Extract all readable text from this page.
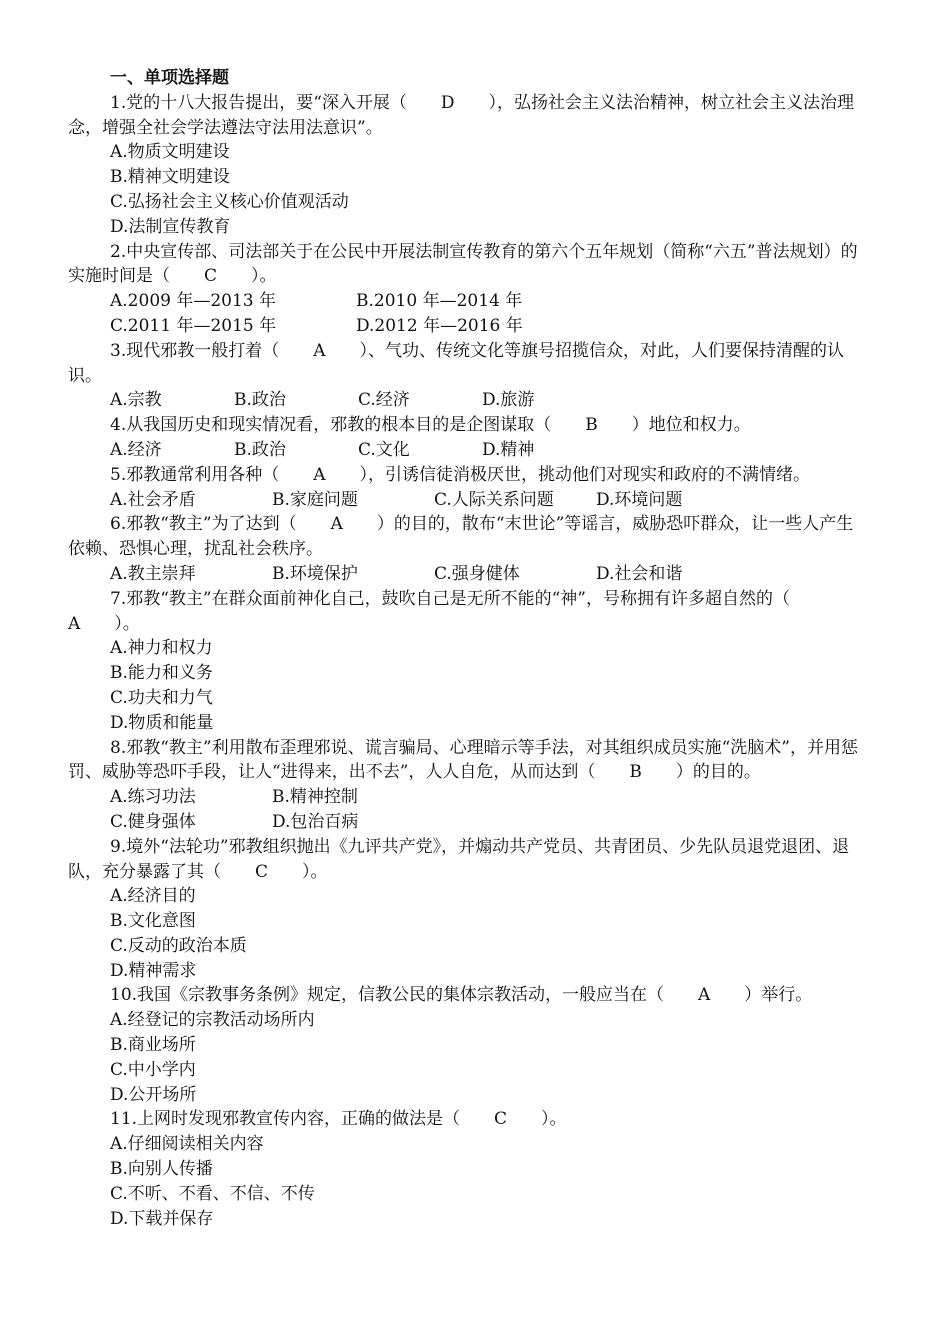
一、单项选择题

1.党的十八大报告提出，要“深入开展（　　D　　），弘扬社会主义法治精神，树立社会主义法治理念，增强全社会学法遵法守法用法意识”。

A.物质文明建设

B.精神文明建设

C.弘扬社会主义核心价值观活动

D.法制宣传教育

2.中央宣传部、司法部关于在公民中开展法制宣传教育的第六个五年规划（简称“六五”普法规划）的实施时间是（　　C　　）。

A.2009 年—2013 年	B.2010 年—2014 年

C.2011 年—2015 年	D.2012 年—2016 年

3.现代邪教一般打着（　　A　　）、气功、传统文化等旗号招揽信众，对此，人们要保持清醒的认识。

A.宗教	B.政治	C.经济	D.旅游

4.从我国历史和现实情况看，邪教的根本目的是企图谋取（　　B　　）地位和权力。

A.经济	B.政治	C.文化	D.精神

5.邪教通常利用各种（　　A　　），引诱信徒消极厌世，挑动他们对现实和政府的不满情绪。

A.社会矛盾	B.家庭问题	C.人际关系问题 D.环境问题

6.邪教“教主”为了达到（　　A　　）的目的，散布“末世论”等谣言，威胁恐吓群众，让一些人产生依赖、恐惧心理，扰乱社会秩序。

A.教主崇拜	B.环境保护	C.强身健体	D.社会和谐

7.邪教“教主”在群众面前神化自己，鼓吹自己是无所不能的“神”，号称拥有许多超自然的（　　A　　）。

A.神力和权力

B.能力和义务

C.功夫和力气

D.物质和能量

8.邪教“教主”利用散布歪理邪说、谎言骗局、心理暗示等手法，对其组织成员实施“洗脑术”，并用惩罚、威胁等恐吓手段，让人“进得来，出不去”，人人自危，从而达到（　　B　　）的目的。

A.练习功法	B.精神控制

C.健身强体	D.包治百病

9.境外“法轮功”邪教组织抛出《九评共产党》，并煽动共产党员、共青团员、少先队员退党退团、退队，充分暴露了其（　　C　　）。

A.经济目的

B.文化意图

C.反动的政治本质

D.精神需求

10.我国《宗教事务条例》规定，信教公民的集体宗教活动，一般应当在（　　A　　）举行。

A.经登记的宗教活动场所内

B.商业场所

C.中小学内

D.公开场所

11.上网时发现邪教宣传内容，正确的做法是（　　C　　）。

A.仔细阅读相关内容

B.向别人传播

C.不听、不看、不信、不传

D.下载并保存
